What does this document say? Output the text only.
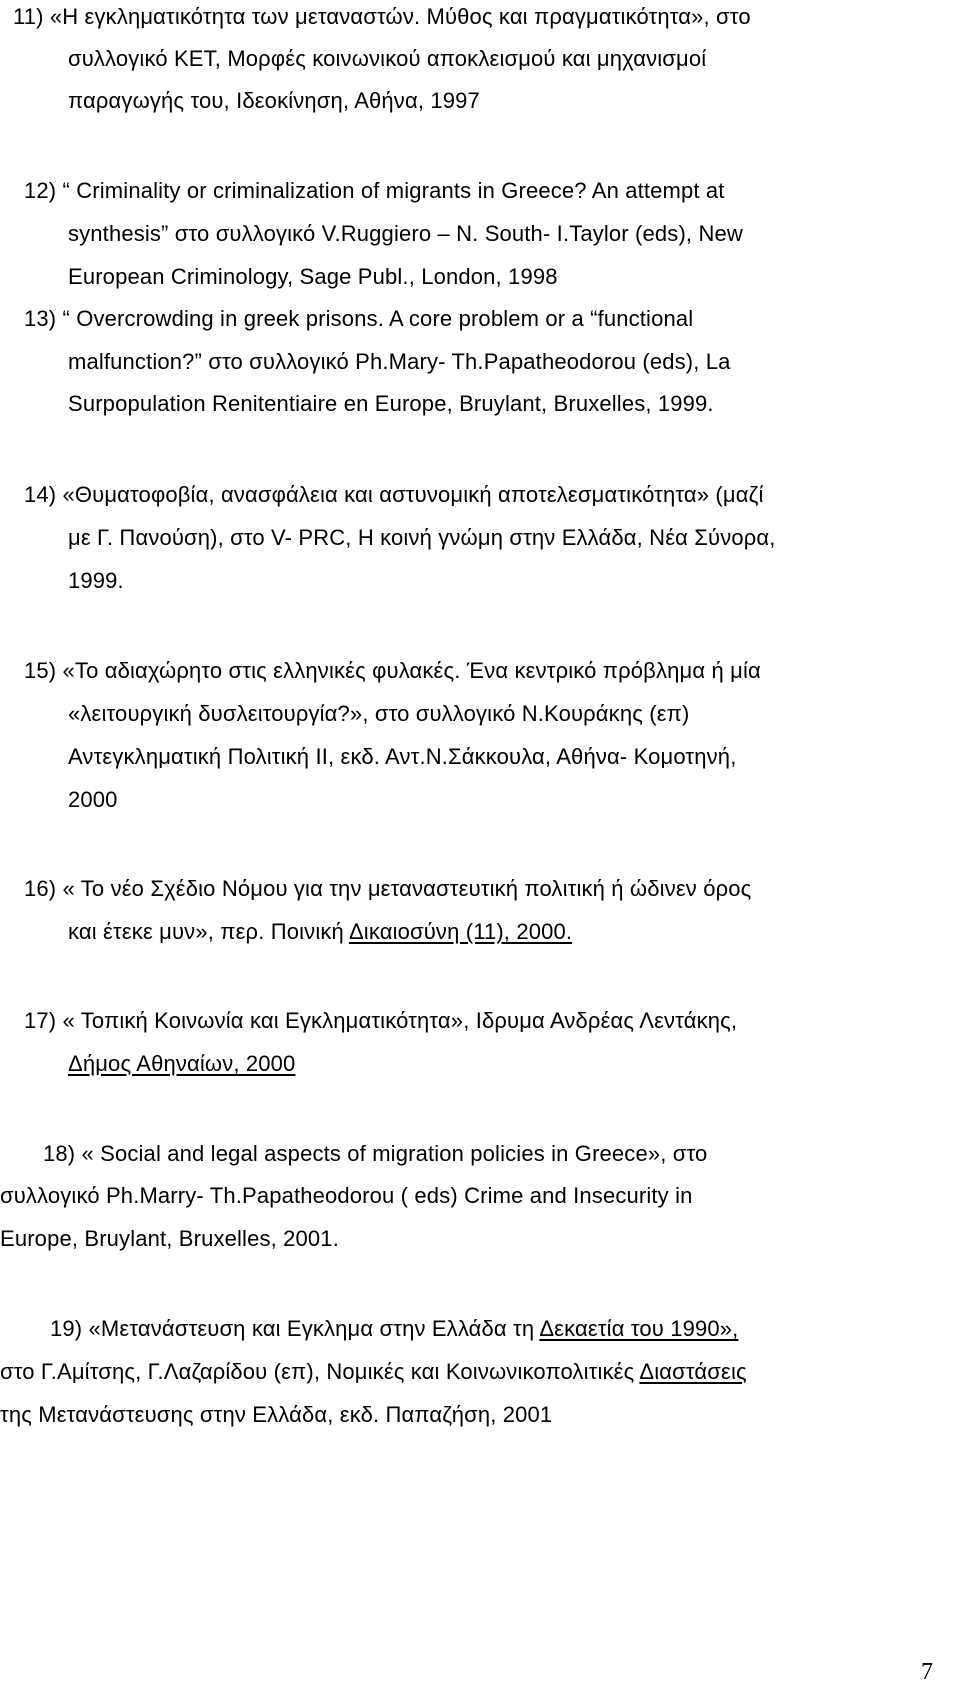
11) «Η εγκληματικότητα των μεταναστών. Μύθος και πραγματικότητα», στο
συλλογικό ΚΕΤ, Μορφές κοινωνικού αποκλεισμού και μηχανισμοί
παραγωγής του, Ιδεοκίνηση, Αθήνα, 1997
12) “ Criminality or criminalization of migrants in Greece? An attempt at
synthesis” στο συλλογικό V.Ruggiero – N. South- I.Taylor (eds), New
European Criminology, Sage Publ., London, 1998
13) “ Overcrowding in greek prisons. A core problem or a “functional
malfunction?” στο συλλογικό Ph.Mary- Th.Papatheodorou (eds), La
Surpopulation Renitentiaire en Europe, Bruylant, Bruxelles, 1999.
14) «Θυματοφοβία, ανασφάλεια και αστυνομική αποτελεσματικότητα» (μαζί
με Γ. Πανούση), στο V- PRC, Η κοινή γνώμη στην Ελλάδα, Νέα Σύνορα,
1999.
15) «Το αδιαχώρητο στις ελληνικές φυλακές. Ένα κεντρικό πρόβλημα ή μία
«λειτουργική δυσλειτουργία?», στο συλλογικό Ν.Κουράκης (επ)
Αντεγκληματική Πολιτική ΙΙ, εκδ. Αντ.Ν.Σάκκουλα, Αθήνα- Κομοτηνή,
2000
16) « Το νέο Σχέδιο Νόμου για την μεταναστευτική πολιτική ή ώδινεν όρος
και έτεκε μυν», περ. Ποινική Δικαιοσύνη (11), 2000.
17) « Τοπική Κοινωνία και Εγκληματικότητα», Ιδρυμα Ανδρέας Λεντάκης,
Δήμος Αθηναίων, 2000
18) « Social and legal aspects of migration policies in Greece», στο
συλλογικό Ph.Marry- Th.Papatheodorou ( eds) Crime and Insecurity in
Europe, Bruylant, Bruxelles, 2001.
19) «Μετανάστευση και Εγκλημα στην Ελλάδα τη Δεκαετία του 1990»,
στο Γ.Αμίτσης, Γ.Λαζαρίδου (επ), Νομικές και Κοινωνικοπολιτικές Διαστάσεις
της Μετανάστευσης στην Ελλάδα, εκδ. Παπαζήση, 2001
7
